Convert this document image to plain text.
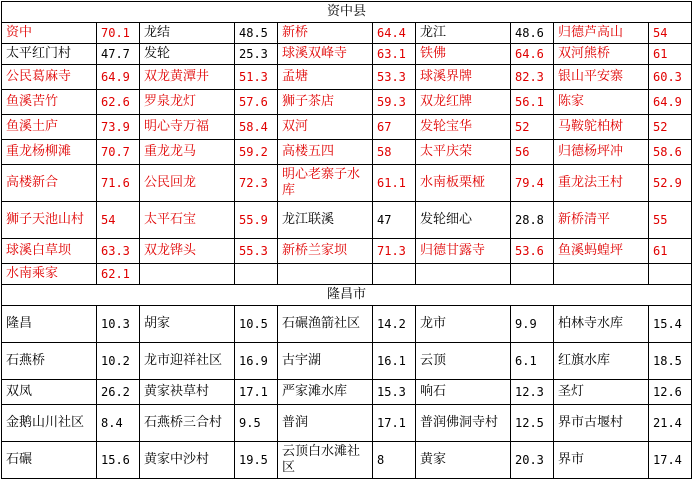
资中县									
资中	70.1	龙结	48.5	新桥	64.4	龙江	48.6	归德芦高山	54
太平红门村	47.7	发轮	25.3	球溪双峰寺	63.1	铁佛	64.6	双河熊桥	61
公民葛麻寺	64.9	双龙黄潭井	51.3	孟塘	53.3	球溪界牌	82.3	银山平安寨	60.3
鱼溪苦竹	62.6	罗泉龙灯	57.6	狮子茶店	59.3	双龙红牌	56.1	陈家	64.9
鱼溪土庐	73.9	明心寺万福	58.4	双河	67	发轮宝华	52	马鞍鸵柏树	52
重龙杨柳滩	70.7	重龙龙马	59.2	高楼五四	58	太平庆荣	56	归德杨坪冲	58.6
高楼新合	71.6	公民回龙	72.3	明心老寨子水库	61.1	水南板栗桠	79.4	重龙法王村	52.9
狮子天池山村	54	太平石宝	55.9	龙江联溪	47	发轮细心	28.8	新桥清平	55
球溪白草坝	63.3	双龙铧头	55.3	新桥兰家坝	71.3	归德甘露寺	53.6	鱼溪蚂蝗坪	61
水南乘家	62.1								
隆昌市									
隆昌	10.3	胡家	10.5	石碾渔箭社区	14.2	龙市	9.9	柏林寺水库	15.4
石燕桥	10.2	龙市迎祥社区	16.9	古宇湖	16.1	云顶	6.1	红旗水库	18.5
双凤	26.2	黄家袂草村	17.1	严家滩水库	15.3	响石	12.3	圣灯	12.6
金鹅山川社区	8.4	石燕桥三合村	9.5	普润	17.1	普润佛洞寺村	12.5	界市古堰村	21.4
石碾	15.6	黄家中沙村	19.5	云顶白水滩社区	8	黄家	20.3	界市	17.4
